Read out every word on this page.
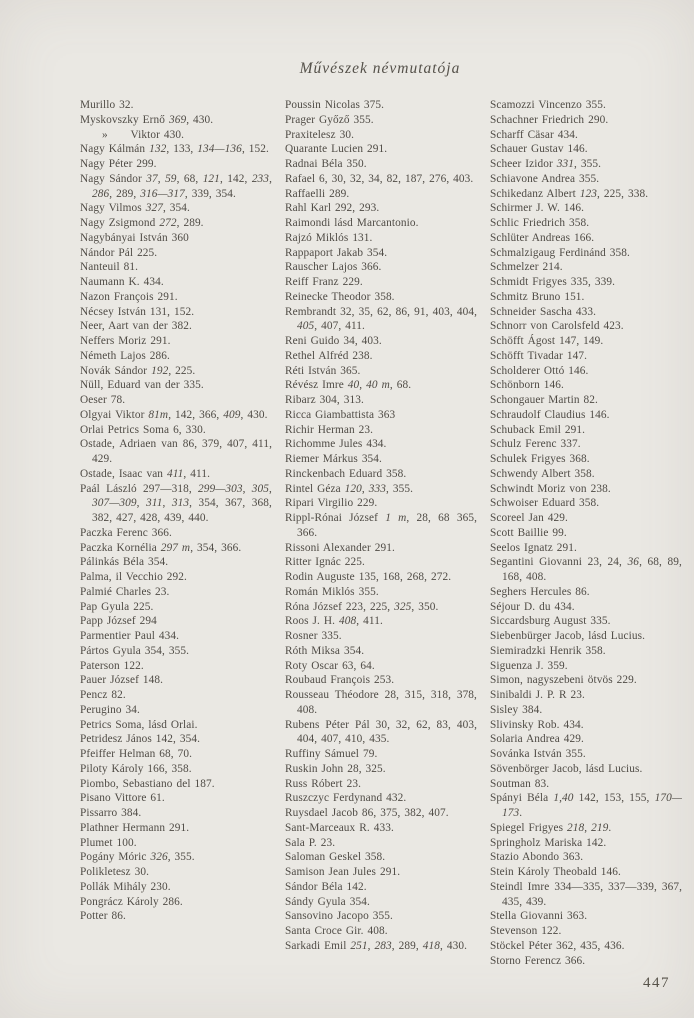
Művészek névmutatója
Murillo 32.
Myskovszky Ernő 369, 430.
»  Viktor 430.
Nagy Kálmán 132, 133, 134—136, 152.
Nagy Péter 299.
Nagy Sándor 37, 59, 68, 121, 142, 233, 286, 289, 316—317, 339, 354.
Nagy Vilmos 327, 354.
Nagy Zsigmond 272, 289.
Nagybányai István 360
Nándor Pál 225.
Nanteuil 81.
Naumann K. 434.
Nazon François 291.
Nécsey István 131, 152.
Neer, Aart van der 382.
Neffers Moriz 291.
Németh Lajos 286.
Novák Sándor 192, 225.
Nüll, Eduard van der 335.
Oeser 78.
Olgyai Viktor 81m, 142, 366, 409, 430.
Orlai Petrics Soma 6, 330.
Ostade, Adriaen van 86, 379, 407, 411, 429.
Ostade, Isaac van 411, 411.
Paál László 297—318, 299—303, 305, 307—309, 311, 313, 354, 367, 368, 382, 427, 428, 439, 440.
Paczka Ferenc 366.
Paczka Kornélia 297 m, 354, 366.
Pálinkás Béla 354.
Palma, il Vecchio 292.
Palmié Charles 23.
Pap Gyula 225.
Papp József 294
Parmentier Paul 434.
Pártos Gyula 354, 355.
Paterson 122.
Pauer József 148.
Pencz 82.
Perugino 34.
Petrics Soma, lásd Orlai.
Petridesz János 142, 354.
Pfeiffer Helman 68, 70.
Piloty Károly 166, 358.
Piombo, Sebastiano del 187.
Pisano Vittore 61.
Pissarro 384.
Plathner Hermann 291.
Plumet 100.
Pogány Móric 326, 355.
Polikletesz 30.
Pollák Mihály 230.
Pongrácz Károly 286.
Potter 86.
Poussin Nicolas 375.
Prager Győző 355.
Praxitelesz 30.
Quarante Lucien 291.
Radnai Béla 350.
Rafael 6, 30, 32, 34, 82, 187, 276, 403.
Raffaelli 289.
Rahl Karl 292, 293.
Raimondi lásd Marcantonio.
Rajzó Miklós 131.
Rappaport Jakab 354.
Rauscher Lajos 366.
Reiff Franz 229.
Reinecke Theodor 358.
Rembrandt 32, 35, 62, 86, 91, 403, 404, 405, 407, 411.
Reni Guido 34, 403.
Rethel Alfréd 238.
Réti István 365.
Révész Imre 40, 40 m, 68.
Ribarz 304, 313.
Ricca Giambattista 363
Richir Herman 23.
Richomme Jules 434.
Riemer Márkus 354.
Rinckenbach Eduard 358.
Rintel Géza 120, 333, 355.
Ripari Virgilio 229.
Rippl-Rónai József 1 m, 28, 68 365, 366.
Rissoni Alexander 291.
Ritter Ignác 225.
Rodin Auguste 135, 168, 268, 272.
Román Miklós 355.
Róna József 223, 225, 325, 350.
Roos J. H. 408, 411.
Rosner 335.
Róth Miksa 354.
Roty Oscar 63, 64.
Roubaud François 253.
Rousseau Théodore 28, 315, 318, 378, 408.
Rubens Péter Pál 30, 32, 62, 83, 403, 404, 407, 410, 435.
Ruffiny Sámuel 79.
Ruskin John 28, 325.
Russ Róbert 23.
Ruszczyc Ferdynand 432.
Ruysdael Jacob 86, 375, 382, 407.
Sant-Marceaux R. 433.
Sala P. 23.
Saloman Geskel 358.
Samison Jean Jules 291.
Sándor Béla 142.
Sándy Gyula 354.
Sansovino Jacopo 355.
Santa Croce Gir. 408.
Sarkadi Emil 251, 283, 289, 418, 430.
Scamozzi Vincenzo 355.
Schachner Friedrich 290.
Scharff Cäsar 434.
Schauer Gustav 146.
Scheer Izidor 331, 355.
Schiavone Andrea 355.
Schikedanz Albert 123, 225, 338.
Schirmer J. W. 146.
Schlic Friedrich 358.
Schlüter Andreas 166.
Schmalzigaug Ferdinánd 358.
Schmelzer 214.
Schmidt Frigyes 335, 339.
Schmitz Bruno 151.
Schneider Sascha 433.
Schnorr von Carolsfeld 423.
Schöfft Ágost 147, 149.
Schöfft Tivadar 147.
Scholderer Ottó 146.
Schönborn 146.
Schongauer Martin 82.
Schraudolf Claudius 146.
Schuback Emil 291.
Schulz Ferenc 337.
Schulek Frigyes 368.
Schwendy Albert 358.
Schwindt Moriz von 238.
Schwoiser Eduard 358.
Scoreel Jan 429.
Scott Baillie 99.
Seelos Ignatz 291.
Segantini Giovanni 23, 24, 36, 68, 89, 168, 408.
Seghers Hercules 86.
Séjour D. du 434.
Siccardsburg August 335.
Siebenbürger Jacob, lásd Lucius.
Siemiradzki Henrik 358.
Siguenza J. 359.
Simon, nagyszebeni ötvös 229.
Sinibaldi J. P. R 23.
Sisley 384.
Slivinsky Rob. 434.
Solaria Andrea 429.
Sovánka István 355.
Sövenbörger Jacob, lásd Lucius.
Soutman 83.
Spányi Béla 1,40 142, 153, 155, 170—173.
Spiegel Frigyes 218, 219.
Springholz Mariska 142.
Stazio Abondo 363.
Stein Károly Theobald 146.
Steindl Imre 334—335, 337—339, 367, 435, 439.
Stella Giovanni 363.
Stevenson 122.
Stöckel Péter 362, 435, 436.
Storno Ferencz 366.
447
